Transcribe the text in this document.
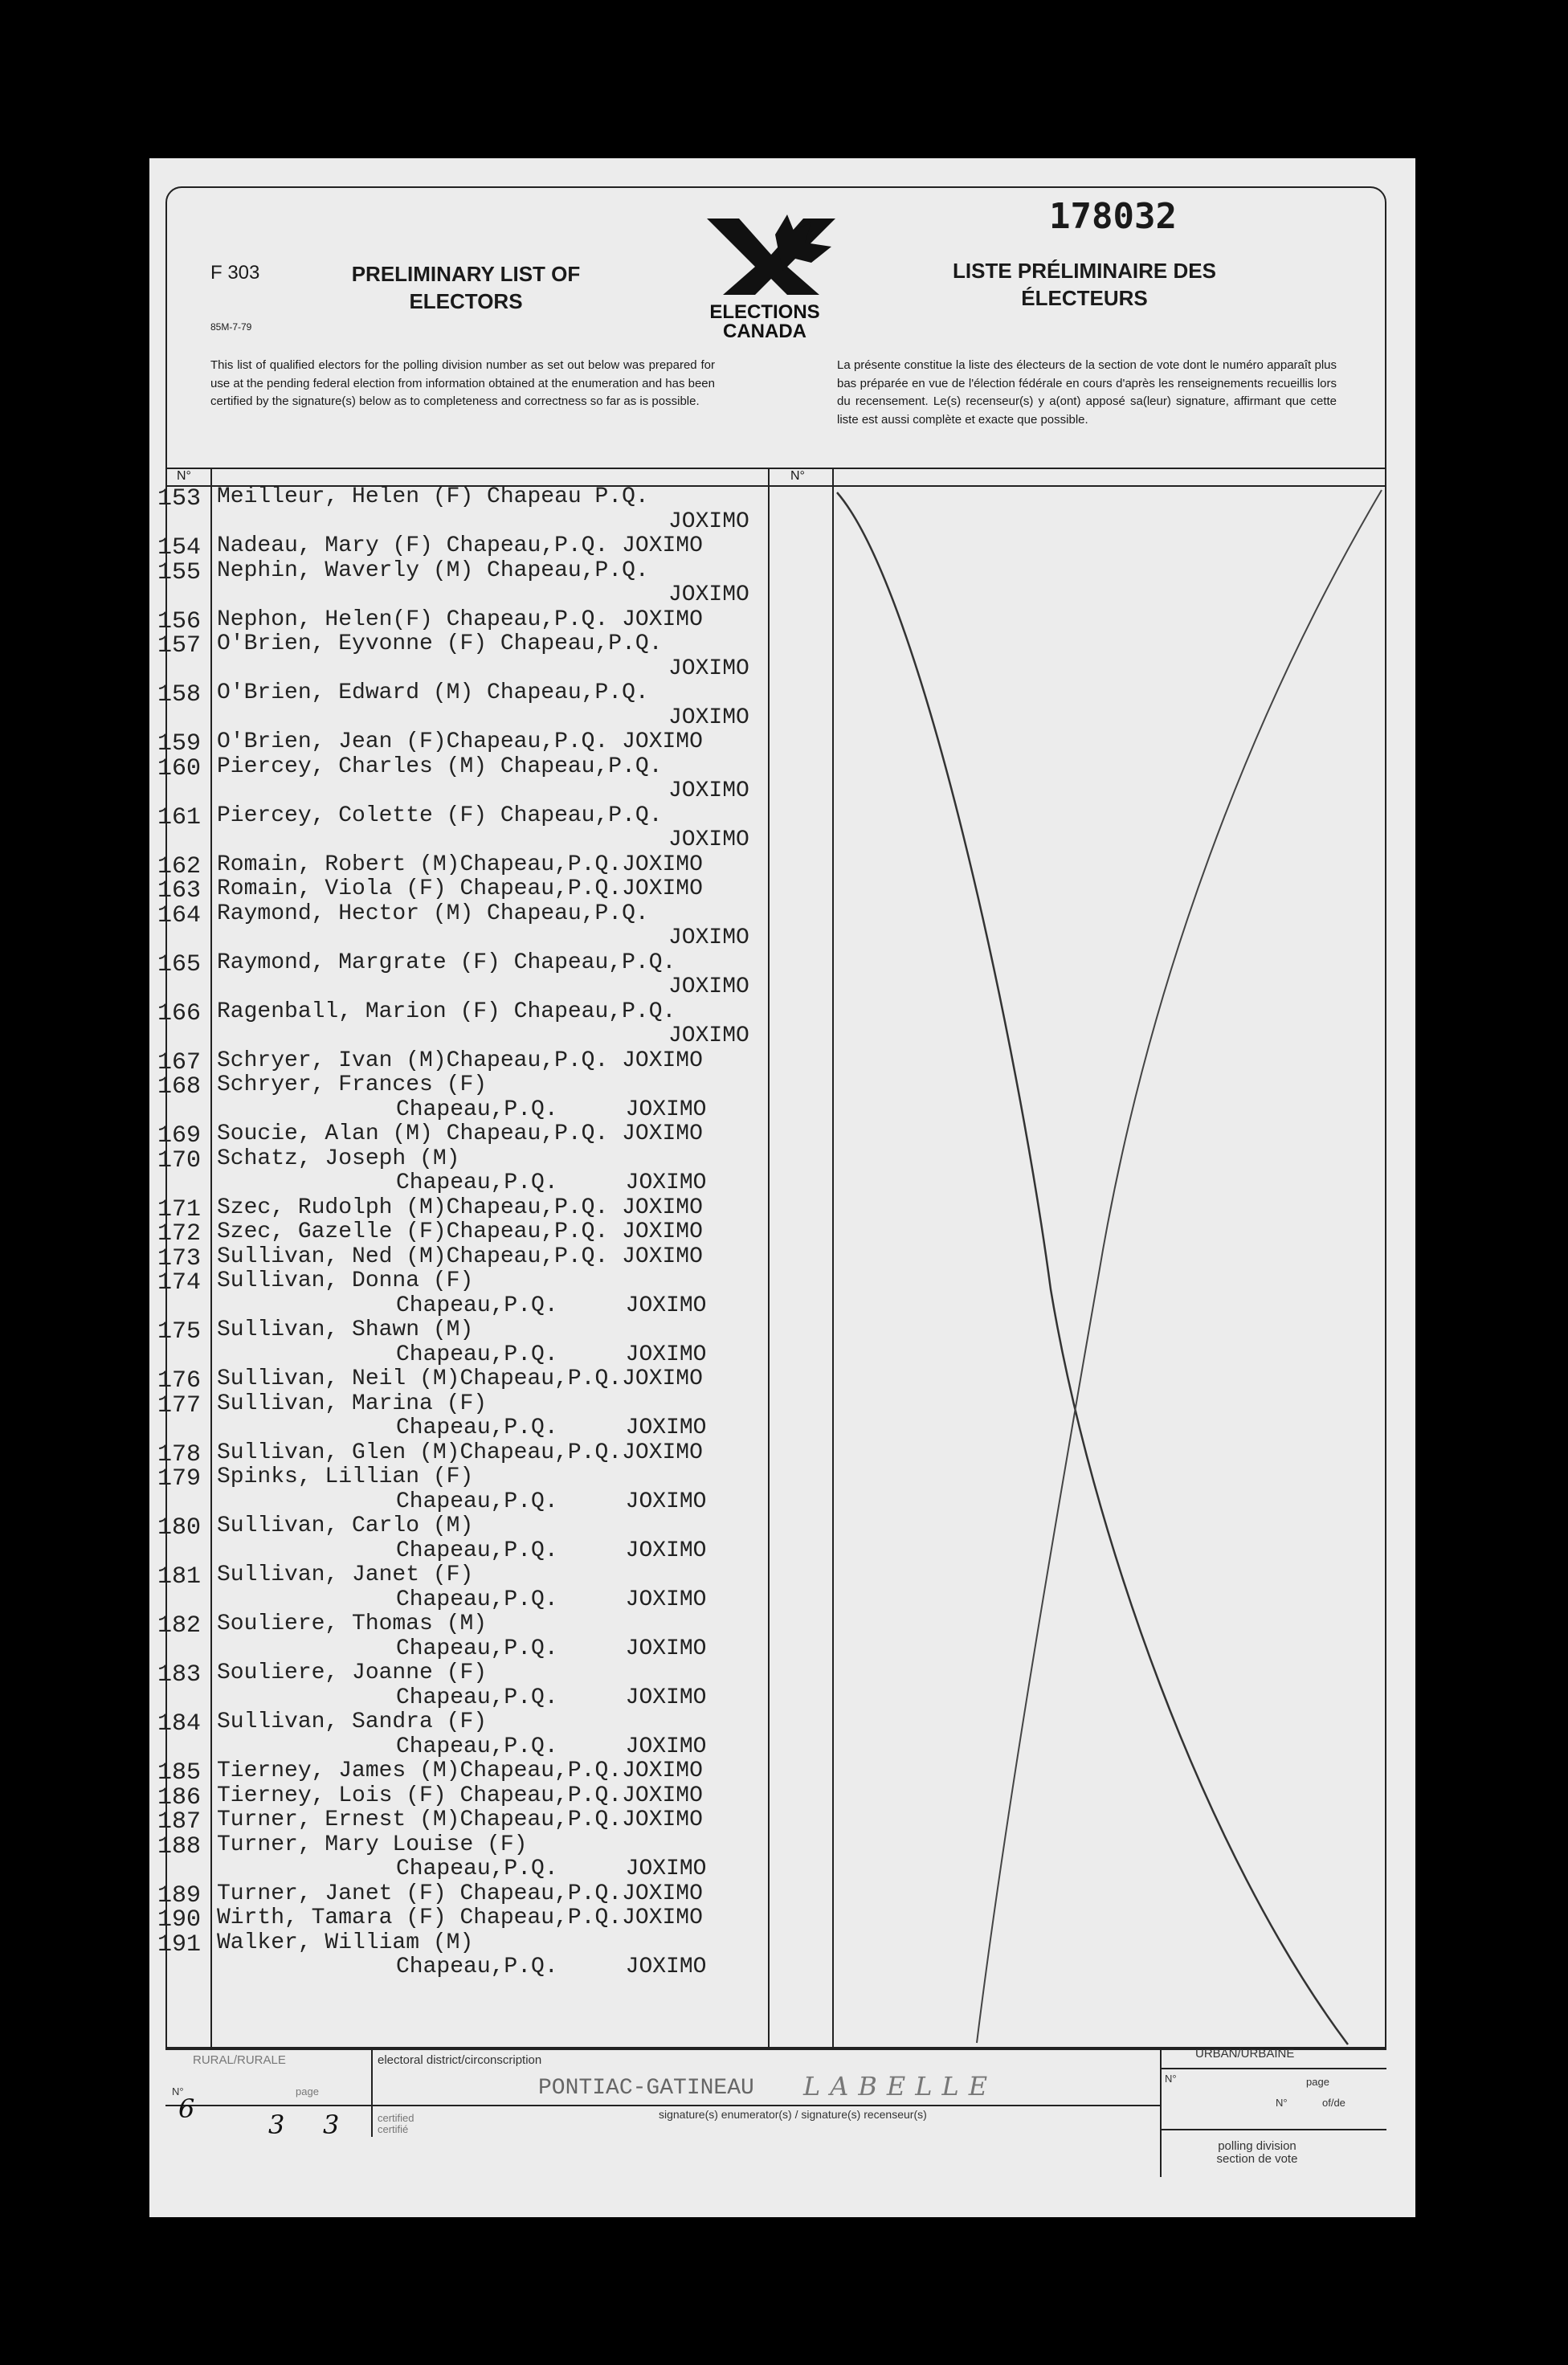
178032
F 303
85M-7-79
PRELIMINARY LIST OF ELECTORS
LISTE PRÉLIMINAIRE DES ÉLECTEURS
ELECTIONS CANADA
This list of qualified electors for the polling division number as set out below was prepared for use at the pending federal election from information obtained at the enumeration and has been certified by the signature(s) below as to completeness and correctness so far as is possible.
La présente constitue la liste des électeurs de la section de vote dont le numéro apparaît plus bas préparée en vue de l'élection fédérale en cours d'après les renseignements recueillis lors du recensement. Le(s) recenseur(s) y a(ont) apposé sa(leur) signature, affirmant que cette liste est aussi complète et exacte que possible.
N°	N°
153 Meilleur, Helen (F) Chapeau P.Q.
JOXIMO
154 Nadeau, Mary (F) Chapeau,P.Q. JOXIMO
155 Nephin, Waverly (M) Chapeau,P.Q.
JOXIMO
156 Nephon, Helen(F) Chapeau,P.Q. JOXIMO
157 O'Brien, Eyvonne (F) Chapeau,P.Q.
JOXIMO
158 O'Brien, Edward (M) Chapeau,P.Q.
JOXIMO
159 O'Brien, Jean (F)Chapeau,P.Q. JOXIMO
160 Piercey, Charles (M) Chapeau,P.Q.
JOXIMO
161 Piercey, Colette (F) Chapeau,P.Q.
JOXIMO
162 Romain, Robert (M)Chapeau,P.Q.JOXIMO
163 Romain, Viola (F) Chapeau,P.Q.JOXIMO
164 Raymond, Hector (M) Chapeau,P.Q.
JOXIMO
165 Raymond, Margrate (F) Chapeau,P.Q.
JOXIMO
166 Ragenball, Marion (F) Chapeau,P.Q.
JOXIMO
167 Schryer, Ivan (M)Chapeau,P.Q. JOXIMO
168 Schryer, Frances (F)
Chapeau,P.Q.     JOXIMO
169 Soucie, Alan (M) Chapeau,P.Q. JOXIMO
170 Schatz, Joseph (M)
Chapeau,P.Q.     JOXIMO
171 Szec, Rudolph (M)Chapeau,P.Q. JOXIMO
172 Szec, Gazelle (F)Chapeau,P.Q. JOXIMO
173 Sullivan, Ned (M)Chapeau,P.Q. JOXIMO
174 Sullivan, Donna (F)
Chapeau,P.Q.     JOXIMO
175 Sullivan, Shawn (M)
Chapeau,P.Q.     JOXIMO
176 Sullivan, Neil (M)Chapeau,P.Q.JOXIMO
177 Sullivan, Marina (F)
Chapeau,P.Q.     JOXIMO
178 Sullivan, Glen (M)Chapeau,P.Q.JOXIMO
179 Spinks, Lillian (F)
Chapeau,P.Q.     JOXIMO
180 Sullivan, Carlo (M)
Chapeau,P.Q.     JOXIMO
181 Sullivan, Janet (F)
Chapeau,P.Q.     JOXIMO
182 Souliere, Thomas (M)
Chapeau,P.Q.     JOXIMO
183 Souliere, Joanne (F)
Chapeau,P.Q.     JOXIMO
184 Sullivan, Sandra (F)
Chapeau,P.Q.     JOXIMO
185 Tierney, James (M)Chapeau,P.Q.JOXIMO
186 Tierney, Lois (F) Chapeau,P.Q.JOXIMO
187 Turner, Ernest (M)Chapeau,P.Q.JOXIMO
188 Turner, Mary Louise (F)
Chapeau,P.Q.     JOXIMO
189 Turner, Janet (F) Chapeau,P.Q.JOXIMO
190 Wirth, Tamara (F) Chapeau,P.Q.JOXIMO
191 Walker, William (M)
Chapeau,P.Q.     JOXIMO
RURAL/RURALE	electoral district/circonscription	URBAN/URBAINE
N°	page
N°	page
N°	of/de
PONTIAC-GATINEAU LABELLE
signature(s) enumerator(s) / signature(s) recenseur(s)
certified certifié
polling division section de vote
6
3 3
